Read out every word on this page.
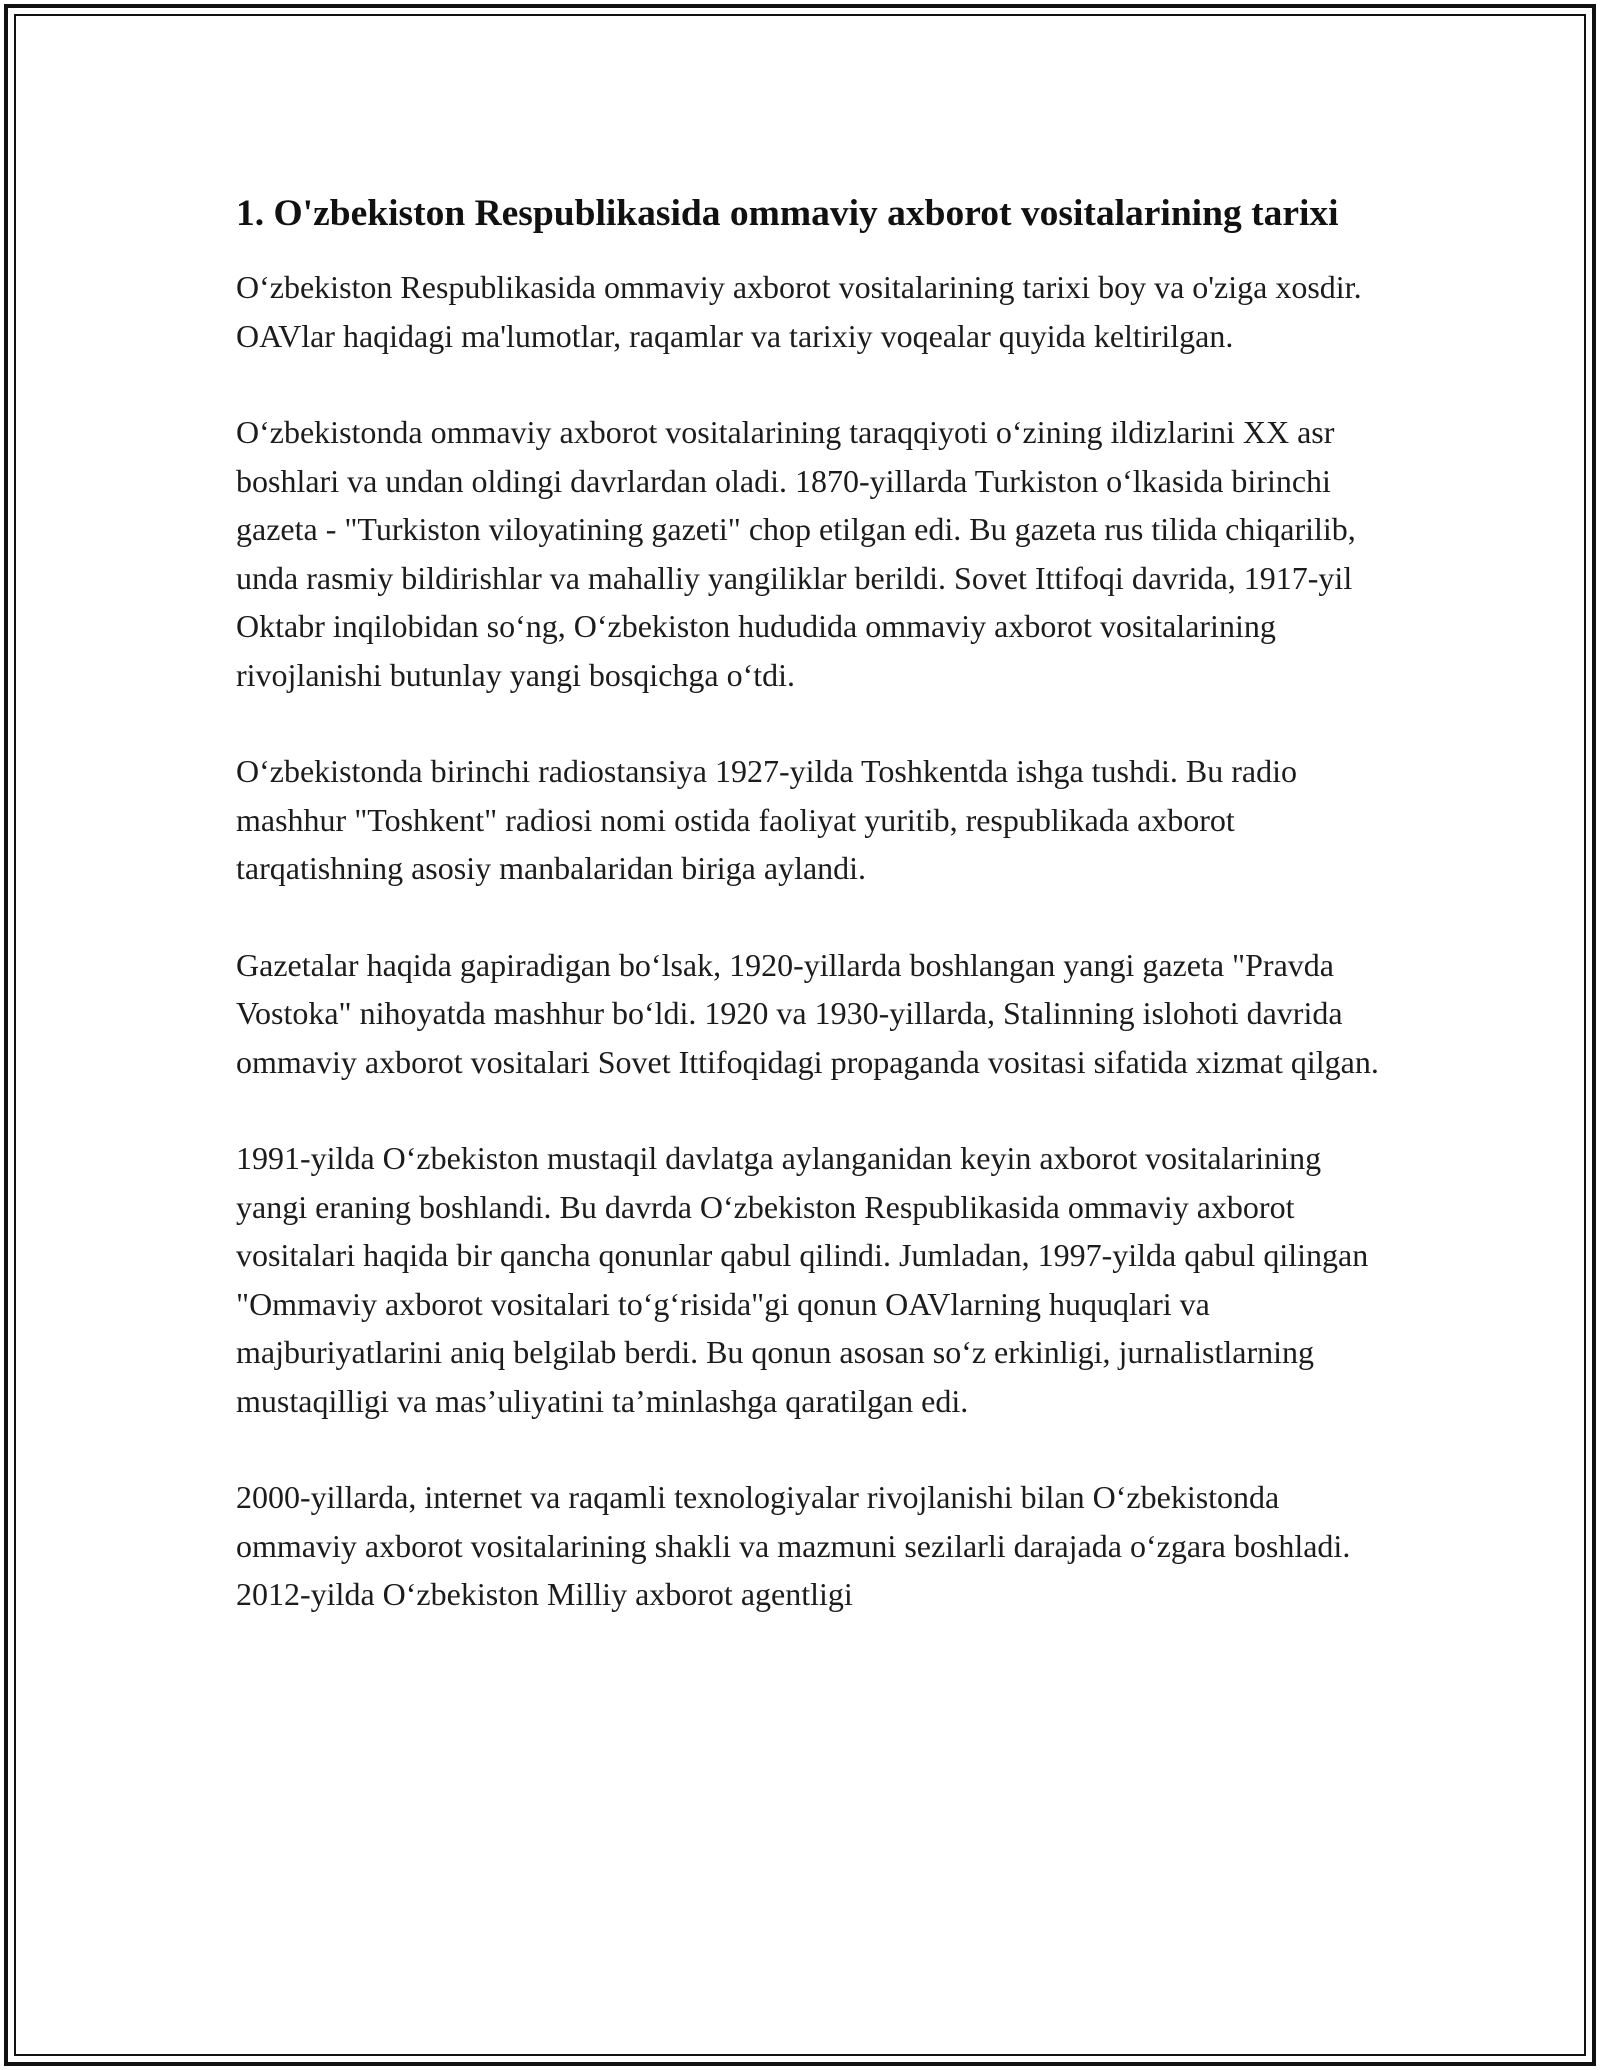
1. O'zbekiston Respublikasida ommaviy axborot vositalarining tarixi

O‘zbekiston Respublikasida ommaviy axborot vositalarining tarixi boy va o'ziga xosdir. OAVlar haqidagi ma'lumotlar, raqamlar va tarixiy voqealar quyida keltirilgan.

O‘zbekistonda ommaviy axborot vositalarining taraqqiyoti o‘zining ildizlarini XX asr boshlari va undan oldingi davrlardan oladi. 1870-yillarda Turkiston o‘lkasida birinchi gazeta - "Turkiston viloyatining gazeti" chop etilgan edi. Bu gazeta rus tilida chiqarilib, unda rasmiy bildirishlar va mahalliy yangiliklar berildi. Sovet Ittifoqi davrida, 1917-yil Oktabr inqilobidan so‘ng, O‘zbekiston hududida ommaviy axborot vositalarining rivojlanishi butunlay yangi bosqichga o‘tdi.

O‘zbekistonda birinchi radiostansiya 1927-yilda Toshkentda ishga tushdi. Bu radio mashhur "Toshkent" radiosi nomi ostida faoliyat yuritib, respublikada axborot tarqatishning asosiy manbalaridan biriga aylandi.

Gazetalar haqida gapiradigan bo‘lsak, 1920-yillarda boshlangan yangi gazeta "Pravda Vostoka" nihoyatda mashhur bo‘ldi. 1920 va 1930-yillarda, Stalinning islohoti davrida ommaviy axborot vositalari Sovet Ittifoqidagi propaganda vositasi sifatida xizmat qilgan.

1991-yilda O‘zbekiston mustaqil davlatga aylanganidan keyin axborot vositalarining yangi eraning boshlandi. Bu davrda O‘zbekiston Respublikasida ommaviy axborot vositalari haqida bir qancha qonunlar qabul qilindi. Jumladan, 1997-yilda qabul qilingan "Ommaviy axborot vositalari to‘g‘risida"gi qonun OAVlarning huquqlari va majburiyatlarini aniq belgilab berdi. Bu qonun asosan so‘z erkinligi, jurnalistlarning mustaqilligi va mas’uliyatini ta’minlashga qaratilgan edi.

2000-yillarda, internet va raqamli texnologiyalar rivojlanishi bilan O‘zbekistonda ommaviy axborot vositalarining shakli va mazmuni sezilarli darajada o‘zgara boshladi. 2012-yilda O‘zbekiston Milliy axborot agentligi
